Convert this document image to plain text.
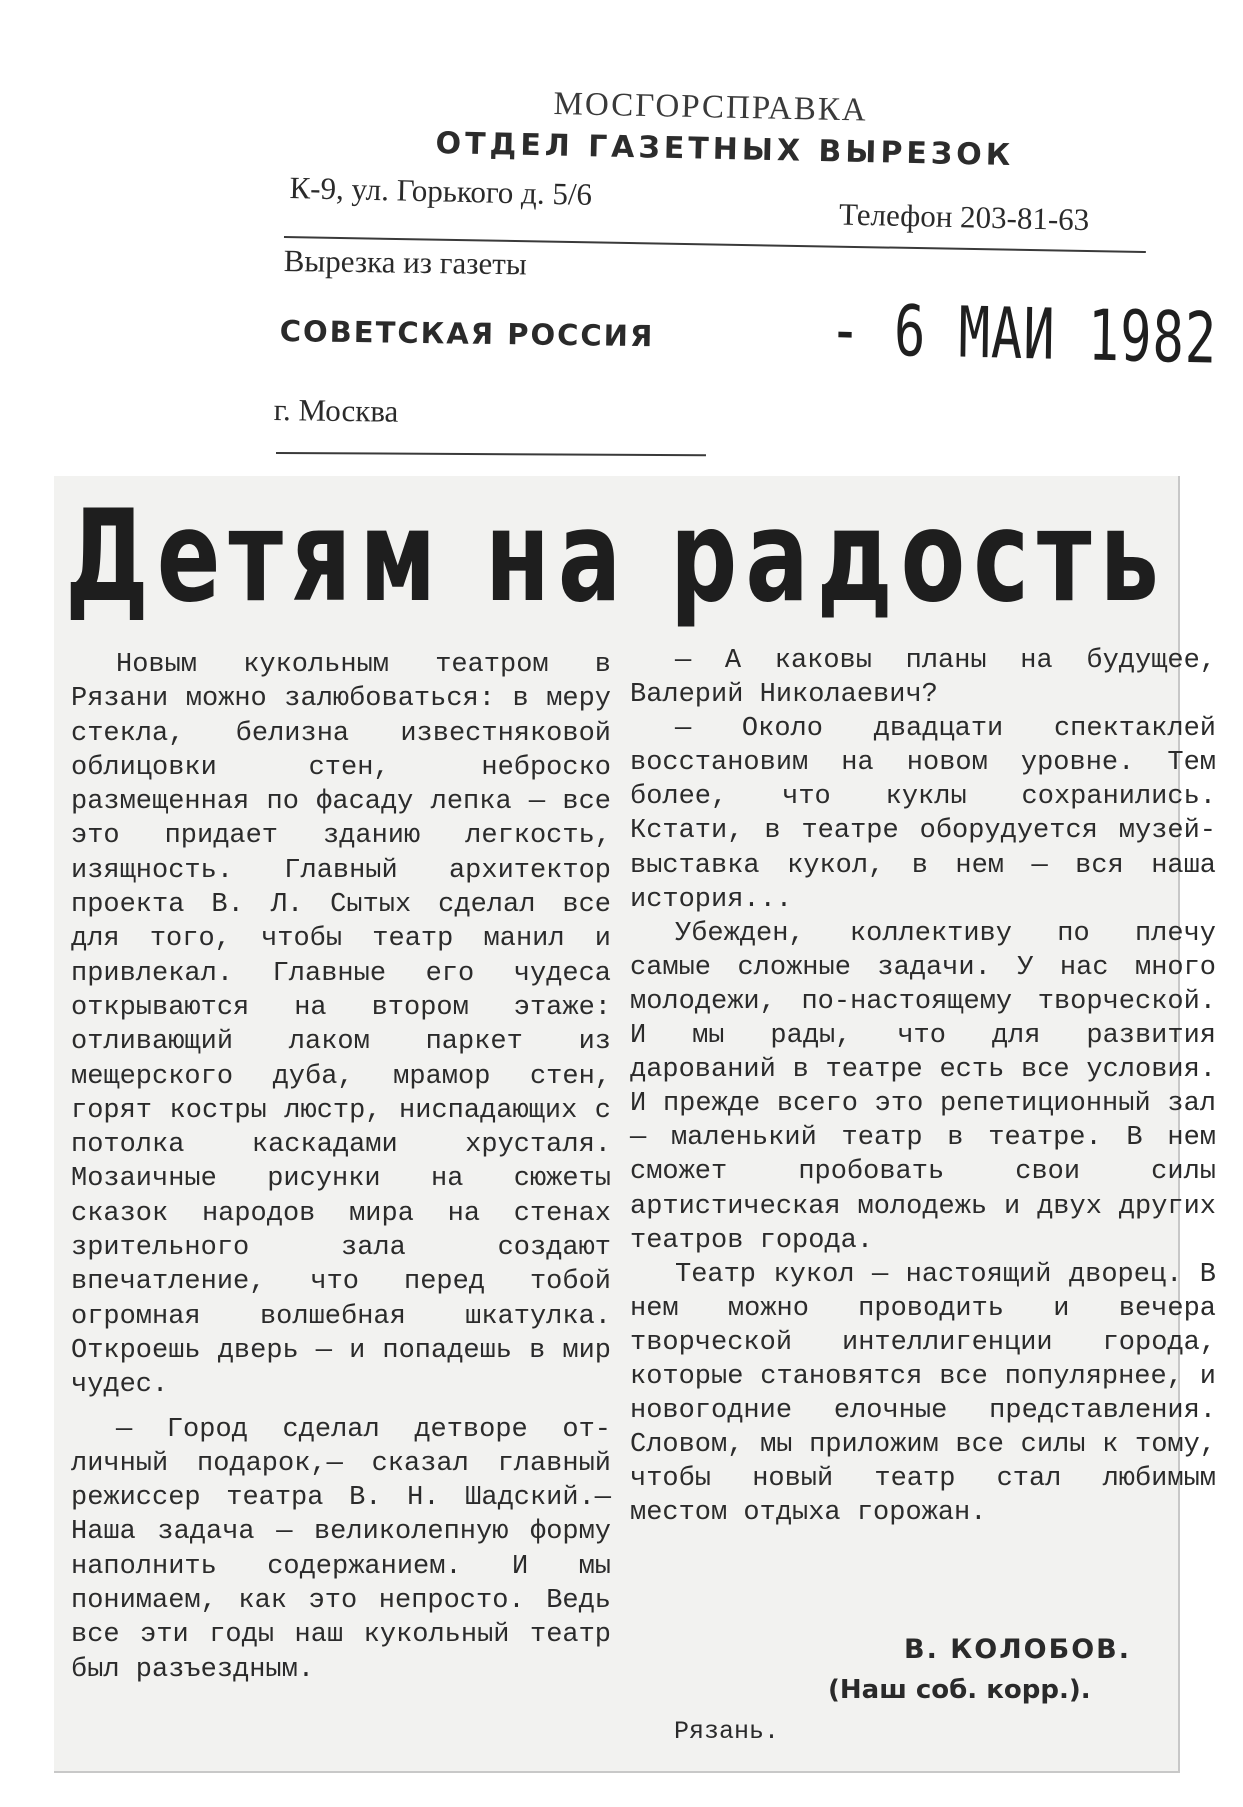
МОСГОРСПРАВКА
ОТДЕЛ ГАЗЕТНЫХ ВЫРЕЗОК
К-9, ул. Горького д. 5/6
Телефон 203-81-63
Вырезка из газеты
СОВЕТСКАЯ РОССИЯ	- 6 МАИ 1982
г. Москва
Детям на радость

Новым кукольным театром в Рязани можно залюбоваться: в меру стекла, белизна известняковой облицовки стен, неброско размещенная по фасаду лепка — все это придает зданию легкость, изящность. Главный архитектор проекта В. Л. Сытых сделал все для того, чтобы театр манил и привлекал. Главные его чудеса открываются на втором этаже: отливающий лаком паркет из мещерского дуба, мрамор стен, горят костры люстр, ниспадающих с потолка каскадами хрусталя. Мозаичные рисунки на сюжеты сказок народов мира на стенах зрительного зала создают впечатление, что перед тобой огромная волшебная шкатулка. Откроешь дверь — и попадешь в мир чудес.

— Город сделал детворе отличный подарок,— сказал главный режиссер театра В. Н. Шадский.— Наша задача — великолепную форму наполнить содержанием. И мы понимаем, как это непросто. Ведь все эти годы наш кукольный театр был разъездным.

— А каковы планы на будущее, Валерий Николаевич?

— Около двадцати спектаклей восстановим на новом уровне. Тем более, что куклы сохранились. Кстати, в театре оборудуется музей-выставка кукол, в нем — вся наша история...

Убежден, коллективу по плечу самые сложные задачи. У нас много молодежи, по-настоящему творческой. И мы рады, что для развития дарований в театре есть все условия. И прежде всего это репетиционный зал — маленький театр в театре. В нем сможет пробовать свои силы артистическая молодежь и двух других театров города.

Театр кукол — настоящий дворец. В нем можно проводить и вечера творческой интеллигенции города, которые становятся все популярнее, и новогодние елочные представления. Словом, мы приложим все силы к тому, чтобы новый театр стал любимым местом отдыха горожан.

В. КОЛОБОВ.
(Наш соб. корр.).
Рязань.
